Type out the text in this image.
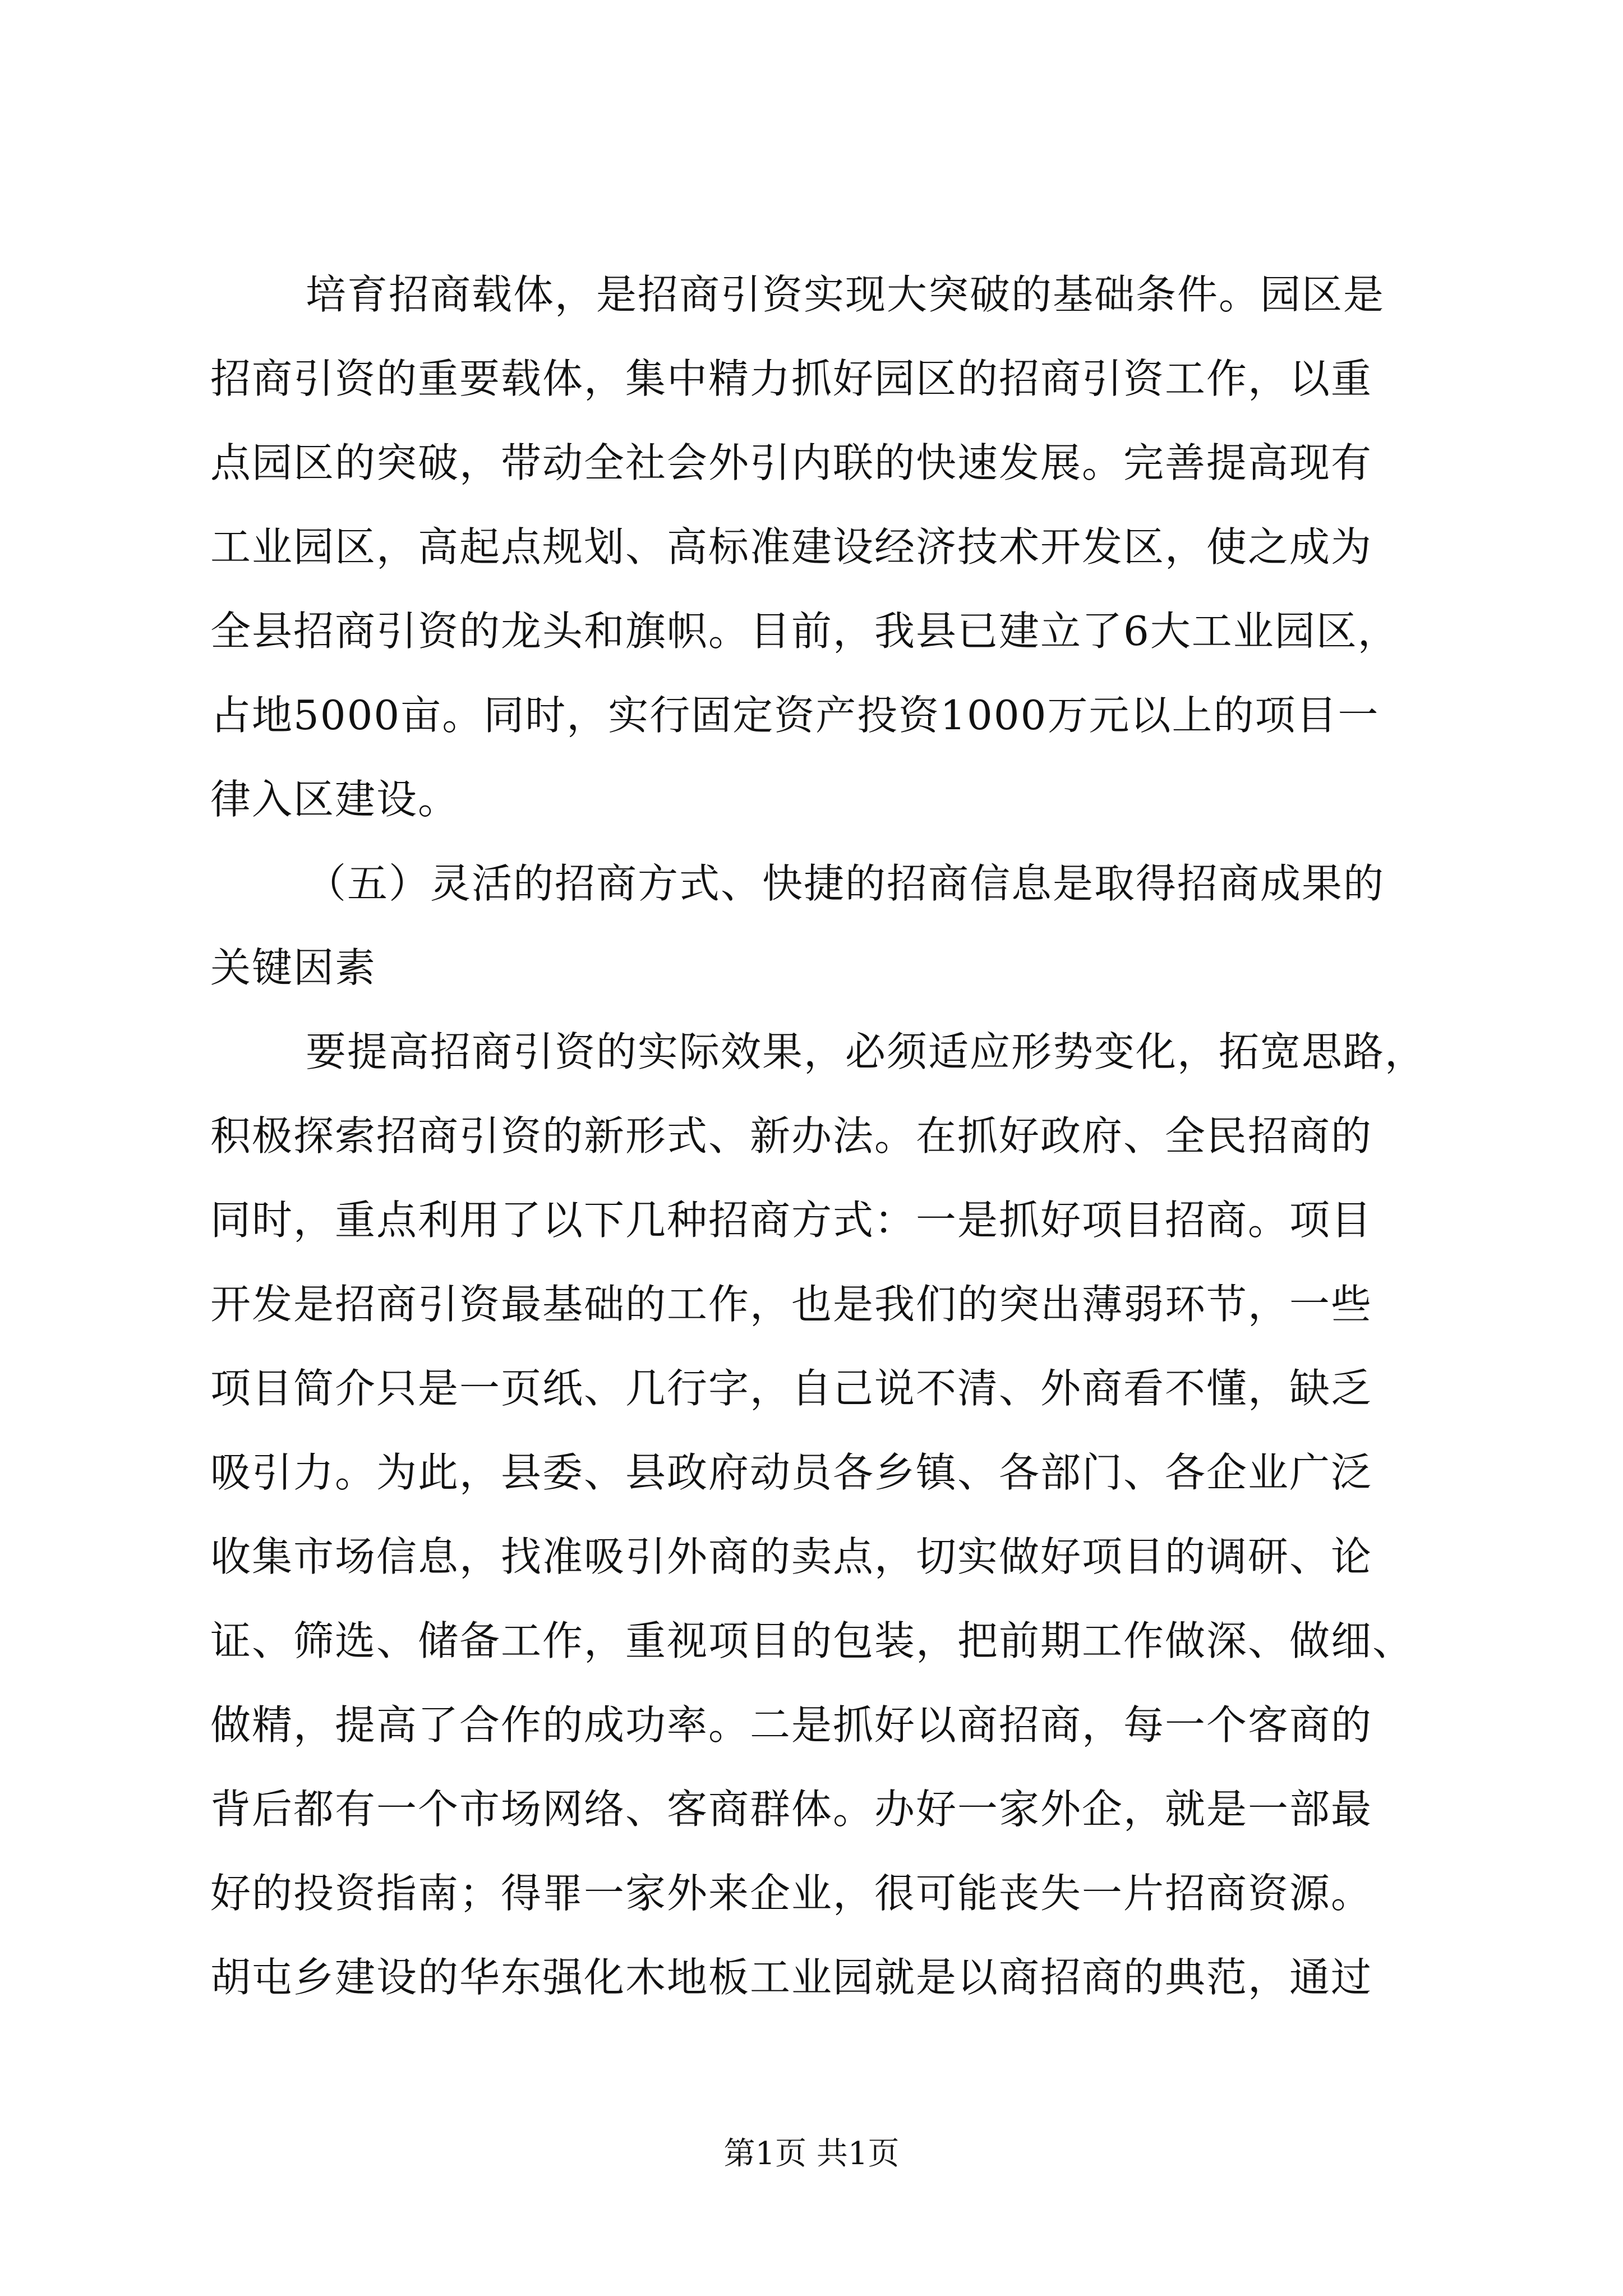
培育招商载体，是招商引资实现大突破的基础条件。园区是
招商引资的重要载体，集中精力抓好园区的招商引资工作，以重
点园区的突破，带动全社会外引内联的快速发展。完善提高现有
工业园区，高起点规划、高标准建设经济技术开发区，使之成为
全县招商引资的龙头和旗帜。目前，我县已建立了6大工业园区，
占地5000亩。同时，实行固定资产投资1000万元以上的项目一
律入区建设。
（五）灵活的招商方式、快捷的招商信息是取得招商成果的
关键因素
要提高招商引资的实际效果，必须适应形势变化，拓宽思路，
积极探索招商引资的新形式、新办法。在抓好政府、全民招商的
同时，重点利用了以下几种招商方式：一是抓好项目招商。项目
开发是招商引资最基础的工作，也是我们的突出薄弱环节，一些
项目简介只是一页纸、几行字，自己说不清、外商看不懂，缺乏
吸引力。为此，县委、县政府动员各乡镇、各部门、各企业广泛
收集市场信息，找准吸引外商的卖点，切实做好项目的调研、论
证、筛选、储备工作，重视项目的包装，把前期工作做深、做细、
做精，提高了合作的成功率。二是抓好以商招商，每一个客商的
背后都有一个市场网络、客商群体。办好一家外企，就是一部最
好的投资指南；得罪一家外来企业，很可能丧失一片招商资源。
胡屯乡建设的华东强化木地板工业园就是以商招商的典范，通过
第1页 共1页
